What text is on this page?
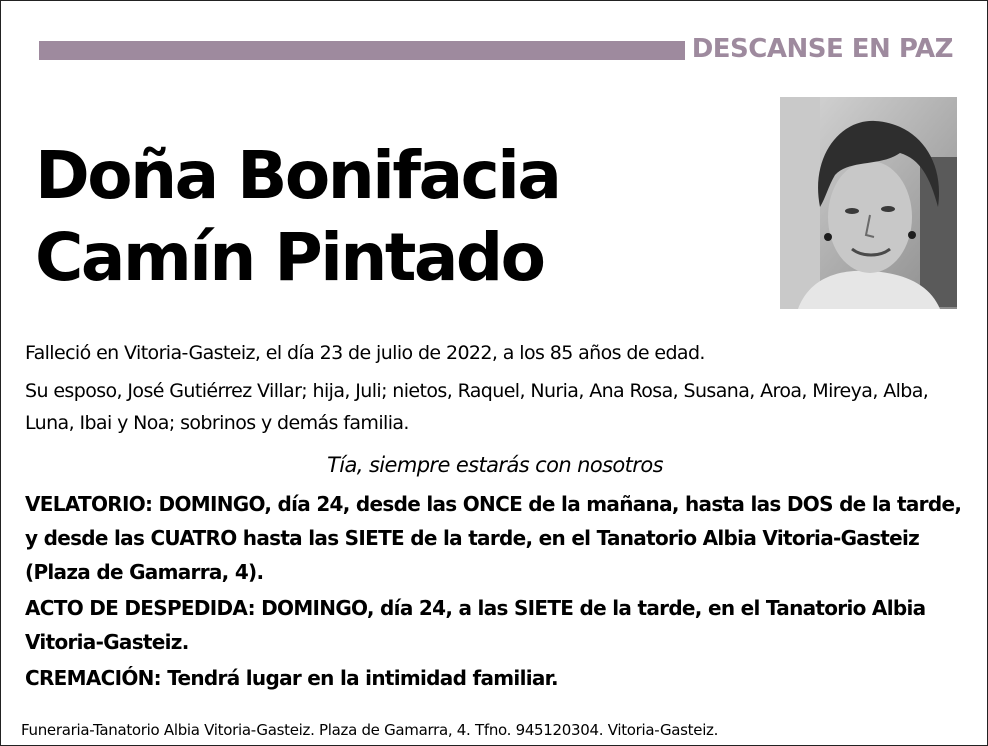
DESCANSE EN PAZ
Doña Bonifacia
Camín Pintado

Falleció en Vitoria-Gasteiz, el día 23 de julio de 2022, a los 85 años de edad.

Su esposo, José Gutiérrez Villar; hija, Juli; nietos, Raquel, Nuria, Ana Rosa, Susana, Aroa, Mireya, Alba, Luna, Ibai y Noa; sobrinos y demás familia.

Tía, siempre estarás con nosotros

VELATORIO: DOMINGO, día 24, desde las ONCE de la mañana, hasta las DOS de la tarde, y desde las CUATRO hasta las SIETE de la tarde, en el Tanatorio Albia Vitoria-Gasteiz (Plaza de Gamarra, 4).

ACTO DE DESPEDIDA: DOMINGO, día 24, a las SIETE de la tarde, en el Tanatorio Albia Vitoria-Gasteiz.

CREMACIÓN: Tendrá lugar en la intimidad familiar.

Funeraria-Tanatorio Albia Vitoria-Gasteiz. Plaza de Gamarra, 4. Tfno. 945120304. Vitoria-Gasteiz.
